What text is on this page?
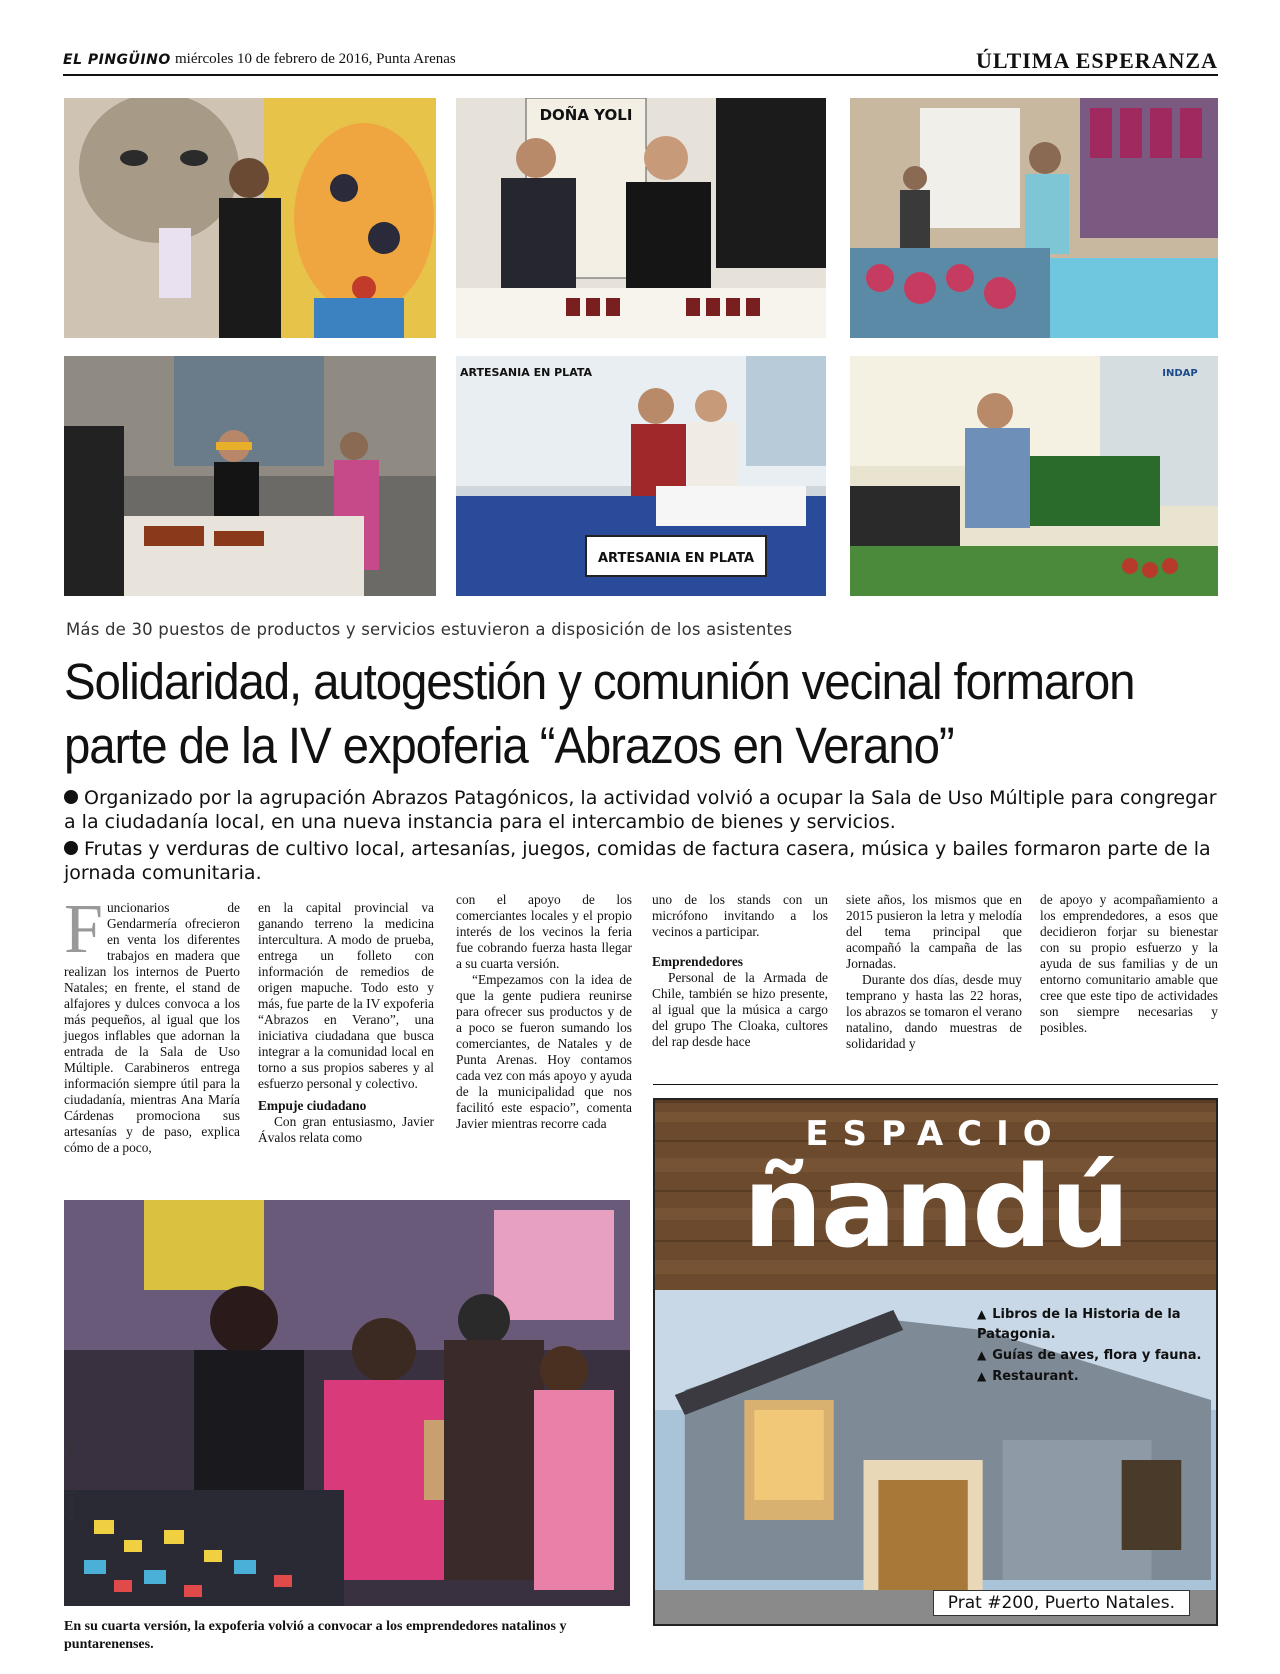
EL PINGÜINO miércoles 10 de febrero de 2016, Punta Arenas	ÚLTIMA ESPERANZA
DOÑA YOLI
ARTESANIA EN PLATA
ARTESANIA EN PLATA	INDAP
Más de 30 puestos de productos y servicios estuvieron a disposición de los asistentes
Solidaridad, autogestión y comunión vecinal formaron
parte de la IV expoferia “Abrazos en Verano”

Organizado por la agrupación Abrazos Patagónicos, la actividad volvió a ocupar la Sala de Uso Múltiple para congregar a la ciudadanía local, en una nueva instancia para el intercambio de bienes y servicios.

Frutas y verduras de cultivo local, artesanías, juegos, comidas de factura casera, música y bailes formaron parte de la jornada comunitaria.

Funcionarios de Gendarmería ofrecieron en venta los diferentes trabajos en madera que realizan los internos de Puerto Natales; en frente, el stand de alfajores y dulces convoca a los más pequeños, al igual que los juegos inflables que adornan la entrada de la Sala de Uso Múltiple. Carabineros entrega información siempre útil para la ciudadanía, mientras Ana María Cárdenas promociona sus artesanías y de paso, explica cómo de a poco,

en la capital provincial va ganando terreno la medicina intercultura. A modo de prueba, entrega un folleto con información de remedios de origen mapuche. Todo esto y más, fue parte de la IV expoferia “Abrazos en Verano”, una iniciativa ciudadana que busca integrar a la comunidad local en torno a sus propios saberes y al esfuerzo personal y colectivo.

Empuje ciudadano

Con gran entusiasmo, Javier Ávalos relata como

con el apoyo de los comerciantes locales y el propio interés de los vecinos la feria fue cobrando fuerza hasta llegar a su cuarta versión.

“Empezamos con la idea de que la gente pudiera reunirse para ofrecer sus productos y de a poco se fueron sumando los comerciantes, de Natales y de Punta Arenas. Hoy contamos cada vez con más apoyo y ayuda de la municipalidad que nos facilitó este espacio”, comenta Javier mientras recorre cada

uno de los stands con un micrófono invitando a los vecinos a participar.

Emprendedores

Personal de la Armada de Chile, también se hizo presente, al igual que la música a cargo del grupo The Cloaka, cultores del rap desde hace

siete años, los mismos que en 2015 pusieron la letra y melodía del tema principal que acompañó la campaña de las Jornadas.

Durante dos días, desde muy temprano y hasta las 22 horas, los abrazos se tomaron el verano natalino, dando muestras de solidaridad y

de apoyo y acompañamiento a los emprendedores, a esos que decidieron forjar su bienestar con su propio esfuerzo y la ayuda de sus familias y de un entorno comunitario amable que cree que este tipo de actividades son siempre necesarias y posibles.

FOTOS LUISA VILLARANCA
En su cuarta versión, la expoferia volvió a convocar a los emprendedores natalinos y puntarenenses.
ESPACIO
ñandú
▲ Libros de la Historia de la Patagonia.
▲ Guías de aves, flora y fauna.
▲ Restaurant.
Prat #200, Puerto Natales.
